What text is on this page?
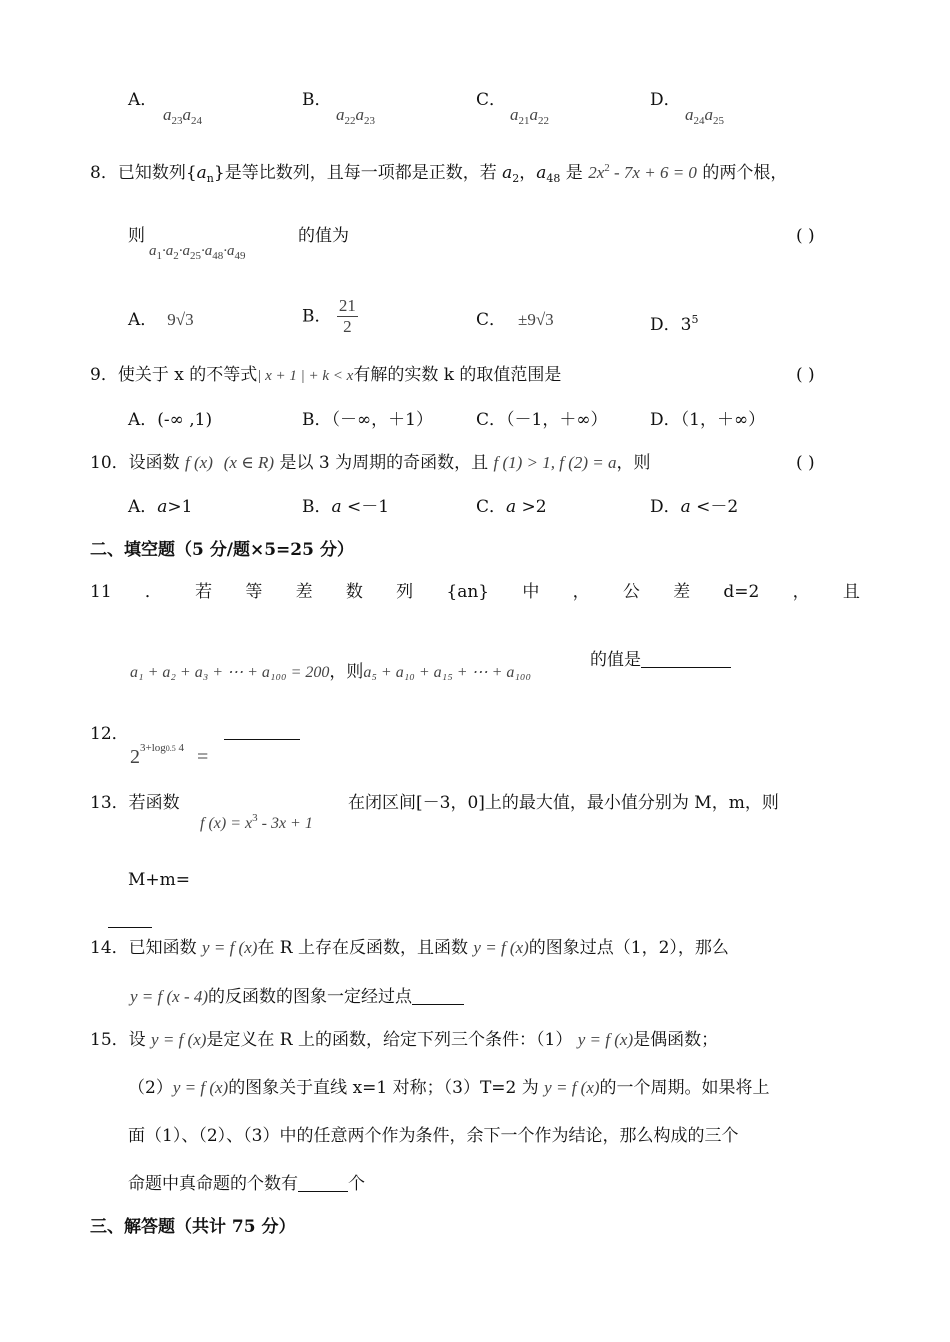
A．
$a_{23}a_{24}$
B．
$a_{22}a_{23}$
C．
$a_{21}a_{22}$
D．
$a_{24}a_{25}$
8．已知数列$\{a_n\}$是等比数列，且每一项都是正数，若 $a_2$，$a_{48}$ 是 $2x^2 - 7x + 6 = 0$ 的两个根，
则
$a_1\cdot a_2\cdot a_{25}\cdot a_{48}\cdot a_{49}$
的值为	( )
A． 9√3	B． $\frac{21}{2}$	C． ±9√3	D．$3^5$
9．使关于 x 的不等式| x + 1 | + k < x有解的实数 k 的取值范围是	( )
A．(-∞ ,1)	B．（－∞，＋1）	C．（－1，＋∞）	D．（1，＋∞）
10．设函数 f (x) (x ∈ R) 是以 3 为周期的奇函数，且 f (1) > 1, f (2) = a，则	( )
A．a>1	B．a <－1	C．a >2	D．a <－2
二、填空题（5 分/题×5=25 分）
11 ． 若 等 差 数 列 {an} 中 ， 公 差 d=2 ， 且
a₁ + a₂ + a₃ + ⋯ + a₁₀₀ = 200，则a₅ + a₁₀ + a₁₅ + ⋯ + a₁₀₀
的值是
12．
$2^{3+log0.5 4}$ =
13．若函数
f $(x) = x^3 - 3x + 1$
在闭区间[－3，0]上的最大值，最小值分别为 M，m，则
M+m=
14．已知函数 y = f (x)在 R 上存在反函数，且函数 y = f (x)的图象过点（1，2），那么
y = f (x - 4)的反函数的图象一定经过点
15．设 y = f (x)是定义在 R 上的函数，给定下列三个条件：（1） y = f (x)是偶函数；
（2）y = f (x)的图象关于直线 x=1 对称；（3）T=2 为 y = f (x)的一个周期。如果将上
面（1）、（2）、（3）中的任意两个作为条件，余下一个作为结论，那么构成的三个
命题中真命题的个数有	个
三、解答题（共计 75 分）
